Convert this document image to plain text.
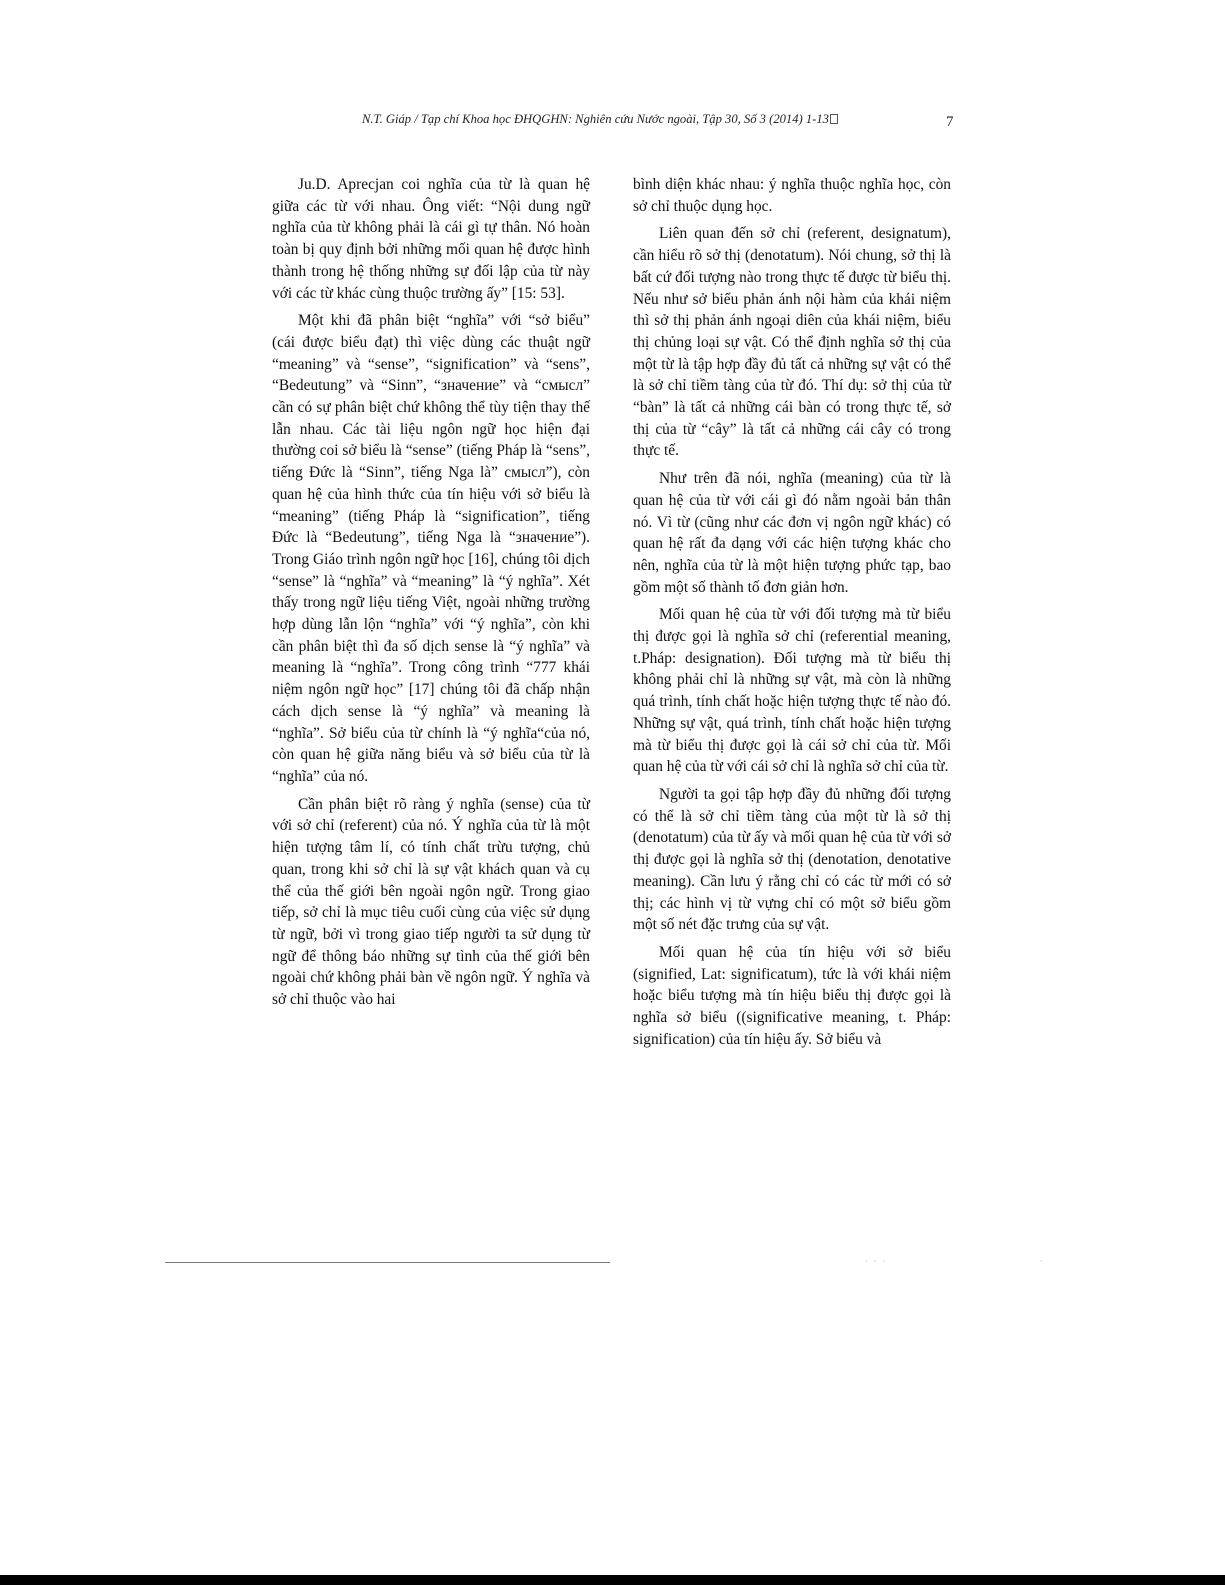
N.T. Giáp / Tạp chí Khoa học ĐHQGHN: Nghiên cứu Nước ngoài, Tập 30, Số 3 (2014) 1-13	7

Ju.D. Aprecjan coi nghĩa của từ là quan hệ giữa các từ với nhau. Ông viết: “Nội dung ngữ nghĩa của từ không phải là cái gì tự thân. Nó hoàn toàn bị quy định bởi những mối quan hệ được hình thành trong hệ thống những sự đối lập của từ này với các từ khác cùng thuộc trường ấy” [15: 53].

Một khi đã phân biệt “nghĩa” với “sở biểu” (cái được biểu đạt) thì việc dùng các thuật ngữ “meaning” và “sense”, “signification” và “sens”, “Bedeutung” và “Sinn”, “значение” và “смысл” cần có sự phân biệt chứ không thể tùy tiện thay thế lẫn nhau. Các tài liệu ngôn ngữ học hiện đại thường coi sở biểu là “sense” (tiếng Pháp là “sens”, tiếng Đức là “Sinn”, tiếng Nga là” смысл”), còn quan hệ của hình thức của tín hiệu với sở biểu là “meaning” (tiếng Pháp là “signification”, tiếng Đức là “Bedeutung”, tiếng Nga là “значение”). Trong Giáo trình ngôn ngữ học [16], chúng tôi dịch “sense” là “nghĩa” và “meaning” là “ý nghĩa”. Xét thấy trong ngữ liệu tiếng Việt, ngoài những trường hợp dùng lẫn lộn “nghĩa” với “ý nghĩa”, còn khi cần phân biệt thì đa số dịch sense là “ý nghĩa” và meaning là “nghĩa”. Trong công trình “777 khái niệm ngôn ngữ học” [17] chúng tôi đã chấp nhận cách dịch sense là “ý nghĩa” và meaning là “nghĩa”. Sở biểu của từ chính là “ý nghĩa“của nó, còn quan hệ giữa năng biểu và sở biểu của từ là “nghĩa” của nó.

Cần phân biệt rõ ràng ý nghĩa (sense) của từ với sở chỉ (referent) của nó. Ý nghĩa của từ là một hiện tượng tâm lí, có tính chất trừu tượng, chủ quan, trong khi sở chỉ là sự vật khách quan và cụ thể của thế giới bên ngoài ngôn ngữ. Trong giao tiếp, sở chỉ là mục tiêu cuối cùng của việc sử dụng từ ngữ, bởi vì trong giao tiếp người ta sử dụng từ ngữ để thông báo những sự tình của thế giới bên ngoài chứ không phải bàn về ngôn ngữ. Ý nghĩa và sở chỉ thuộc vào hai

bình diện khác nhau: ý nghĩa thuộc nghĩa học, còn sở chỉ thuộc dụng học.

Liên quan đến sở chỉ (referent, designatum), cần hiểu rõ sở thị (denotatum). Nói chung, sở thị là bất cứ đối tượng nào trong thực tế được từ biểu thị. Nếu như sở biểu phản ánh nội hàm của khái niệm thì sở thị phản ánh ngoại diên của khái niệm, biểu thị chủng loại sự vật. Có thể định nghĩa sở thị của một từ là tập hợp đầy đủ tất cả những sự vật có thể là sở chỉ tiềm tàng của từ đó. Thí dụ: sở thị của từ “bàn” là tất cả những cái bàn có trong thực tế, sở thị của từ “cây” là tất cả những cái cây có trong thực tế.

Như trên đã nói, nghĩa (meaning) của từ là quan hệ của từ với cái gì đó nằm ngoài bản thân nó. Vì từ (cũng như các đơn vị ngôn ngữ khác) có quan hệ rất đa dạng với các hiện tượng khác cho nên, nghĩa của từ là một hiện tượng phức tạp, bao gồm một số thành tố đơn giản hơn.

Mối quan hệ của từ với đối tượng mà từ biểu thị được gọi là nghĩa sở chỉ (referential meaning, t.Pháp: designation). Đối tượng mà từ biểu thị không phải chỉ là những sự vật, mà còn là những quá trình, tính chất hoặc hiện tượng thực tế nào đó. Những sự vật, quá trình, tính chất hoặc hiện tượng mà từ biểu thị được gọi là cái sở chỉ của từ. Mối quan hệ của từ với cái sở chỉ là nghĩa sở chỉ của từ.

Người ta gọi tập hợp đầy đủ những đối tượng có thể là sở chỉ tiềm tàng của một từ là sở thị (denotatum) của từ ấy và mối quan hệ của từ với sở thị được gọi là nghĩa sở thị (denotation, denotative meaning). Cần lưu ý rằng chỉ có các từ mới có sở thị; các hình vị từ vựng chỉ có một sở biểu gồm một số nét đặc trưng của sự vật.

Mối quan hệ của tín hiệu với sở biểu (signified, Lat: significatum), tức là với khái niệm hoặc biểu tượng mà tín hiệu biểu thị được gọi là nghĩa sở biểu ((significative meaning, t. Pháp: signification) của tín hiệu ấy. Sở biểu và

· · ·	·
